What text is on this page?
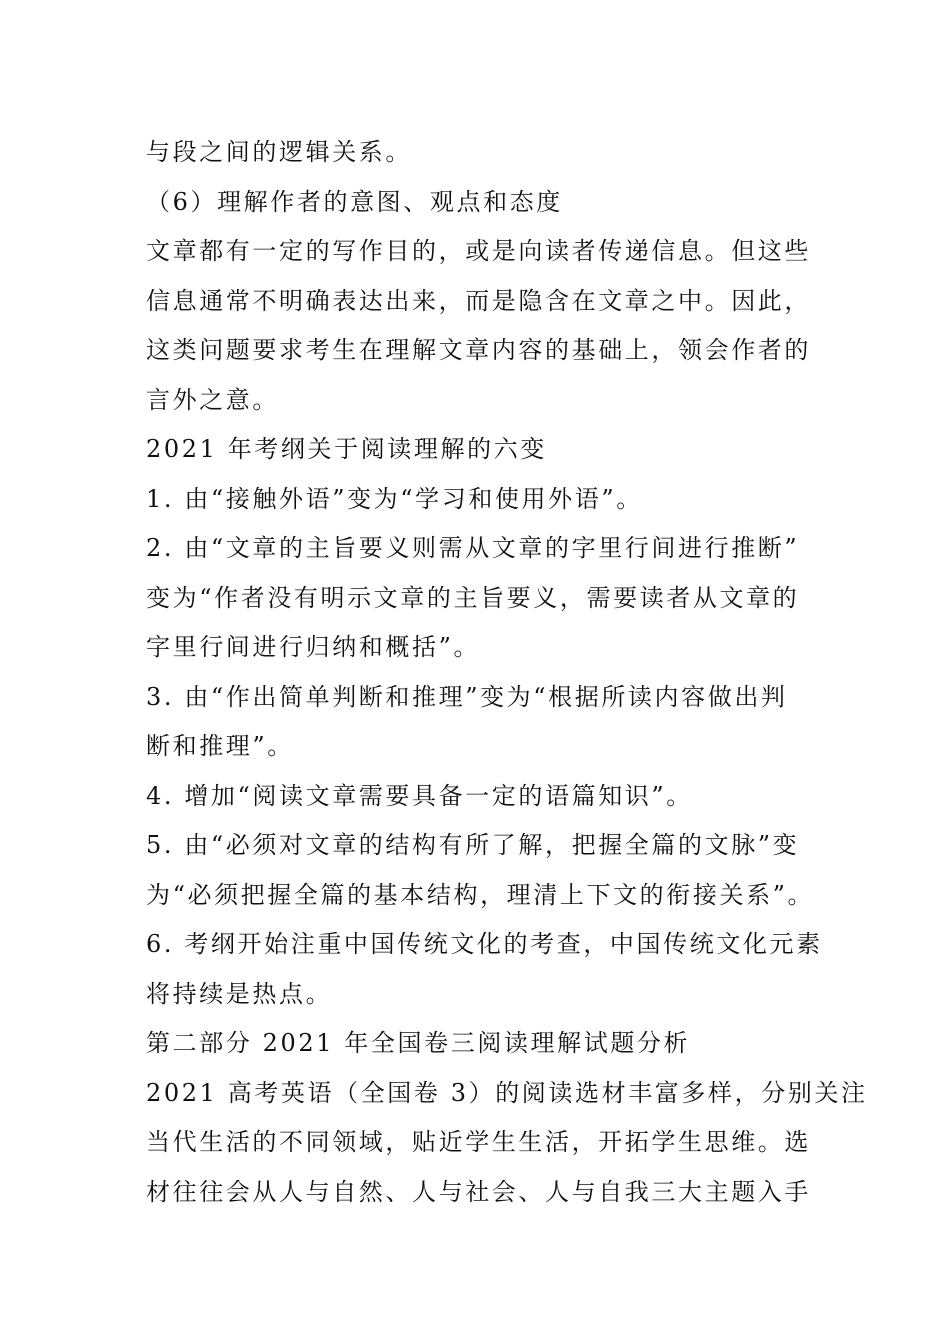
与段之间的逻辑关系。
（6）理解作者的意图、观点和态度
文章都有一定的写作目的，或是向读者传递信息。但这些
信息通常不明确表达出来，而是隐含在文章之中。因此，
这类问题要求考生在理解文章内容的基础上，领会作者的
言外之意。
2021 年考纲关于阅读理解的六变
1. 由“接触外语”变为“学习和使用外语”。
2. 由“文章的主旨要义则需从文章的字里行间进行推断”
变为“作者没有明示文章的主旨要义，需要读者从文章的
字里行间进行归纳和概括”。
3. 由“作出简单判断和推理”变为“根据所读内容做出判
断和推理”。
4. 增加“阅读文章需要具备一定的语篇知识”。
5. 由“必须对文章的结构有所了解，把握全篇的文脉”变
为“必须把握全篇的基本结构，理清上下文的衔接关系”。
6. 考纲开始注重中国传统文化的考查，中国传统文化元素
将持续是热点。
第二部分 2021 年全国卷三阅读理解试题分析
2021 高考英语（全国卷 3）的阅读选材丰富多样，分别关注
当代生活的不同领域，贴近学生生活，开拓学生思维。选
材往往会从人与自然、人与社会、人与自我三大主题入手
